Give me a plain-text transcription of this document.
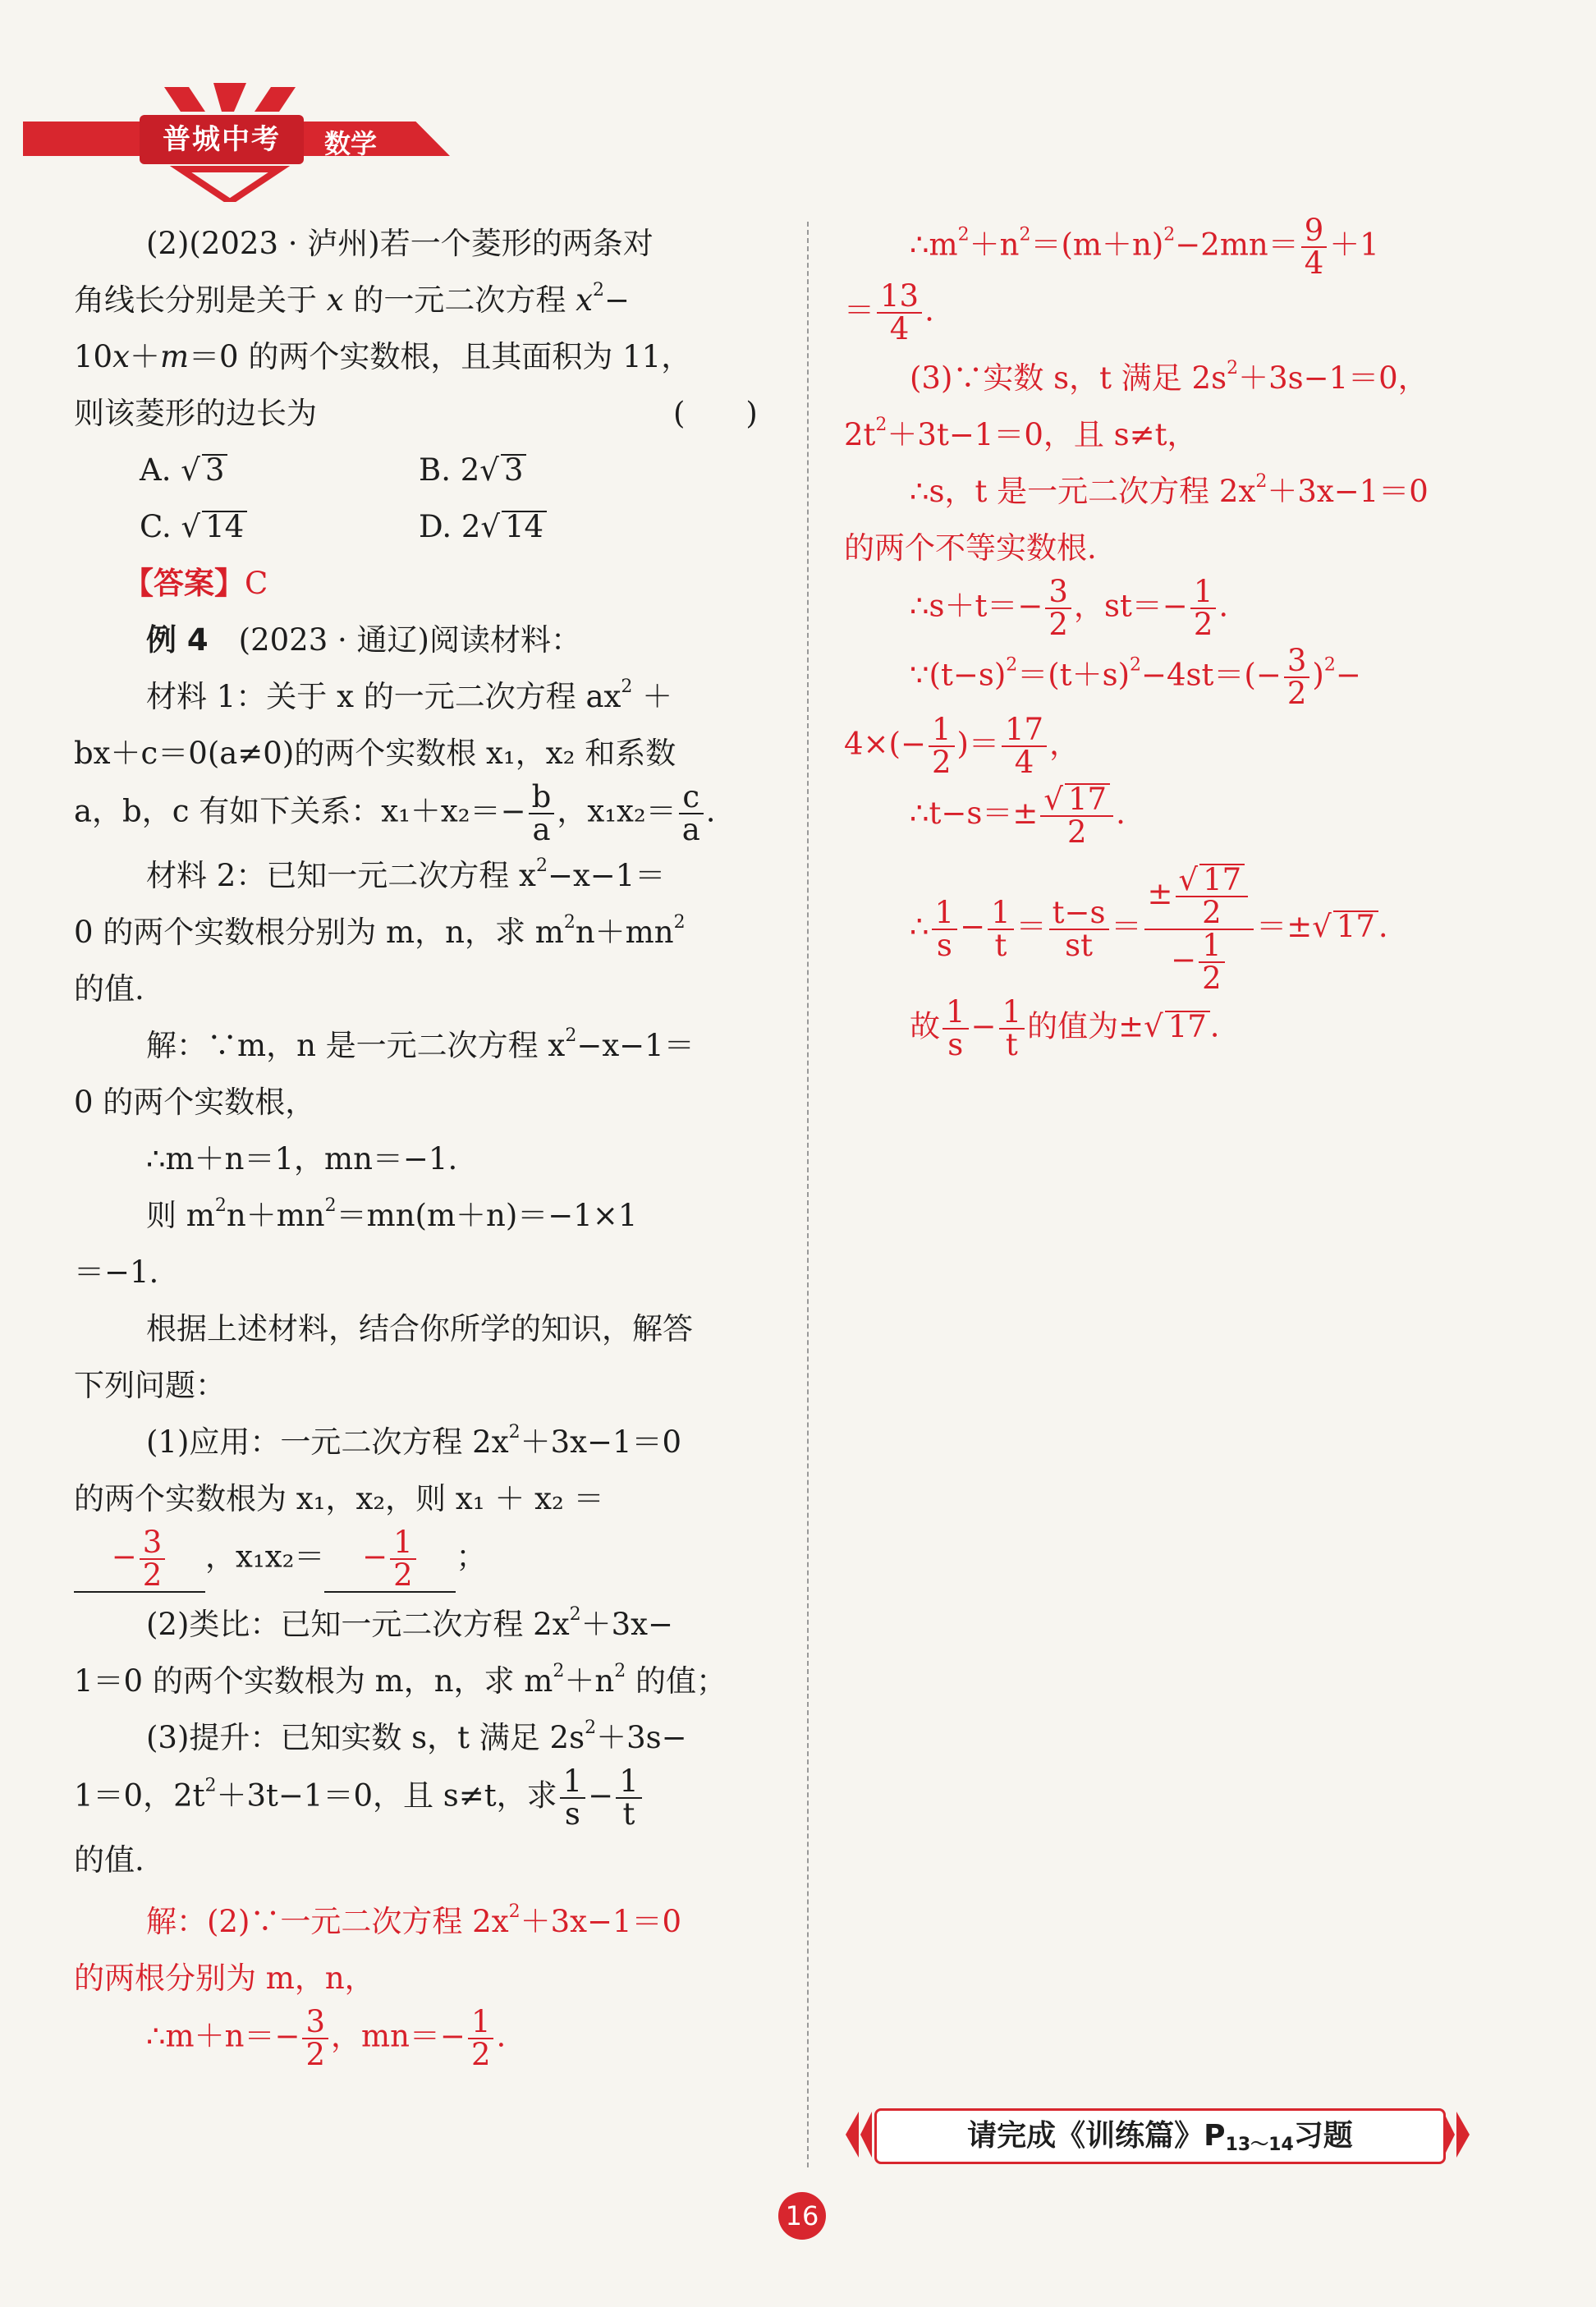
普城中考	数学
(2)(2023 · 泸州)若一个菱形的两条对
角线长分别是关于 x 的一元二次方程 $x^2-$
10x＋m＝0 的两个实数根，且其面积为 11，
则该菱形的边长为	(　　)
A. √ 3	B. 2√ 3
C. √ 14	D. 2√ 14
【答案】C
例 4　 (2023 · 通辽)阅读材料：
材料 1：关于 x 的一元二次方程 $ax^2$ ＋
bx＋c＝0(a≠0)的两个实数根 x₁，x₂ 和系数
a，b，c 有如下关系：$x_1+x_2=- \frac{b}{a}$ ，$x_1x_2= \frac{c}{a}$ .
材料 2：已知一元二次方程 $x^2-x-1=$
0 的两个实数根分别为 m，n，求 $m^2n+mn^2$
的值.
解：∵m，n 是一元二次方程 $x^2-x-1=$
0 的两个实数根，
∴m＋n＝1，mn＝−1.
则 $m^2n+mn^2=mn(m+n)=-1\times 1$
＝−1.
根据上述材料，结合你所学的知识，解答
下列问题：
(1)应用：一元二次方程 $2x^2+3x-1=0$
的两个实数根为 x₁，x₂，则 x₁ ＋ x₂ ＝
− $\frac{3}{2}$ ，$x_1x_2= - \frac{1}{2}$ ；
(2)类比：已知一元二次方程 $2x^2+3x-$
1＝0 的两个实数根为 m，n，求 $m^2+n^2$ 的值；
(3)提升：已知实数 s，t 满足 $2s^2+3s-$
1＝0，$2t^2+3t-1=0$，且 s≠t，求 $\frac{1}{s} - \frac{1}{t}$
的值.
解：(2)∵一元二次方程 $2x^2+3x-1=0$
的两根分别为 m，n，
∴m＋n＝− $\frac{3}{2}$ ，$mn=- \frac{1}{2}$ .
$\therefore m^2+n^2=(m+n)^2-2mn= \frac{9}{4} +1$
＝ $\frac{13}{4}$ .
(3)∵实数 s，t 满足 $2s^2+3s-1=0$，
$2t^2+3t-1=0$，且 s≠t，
∴s，t 是一元二次方程 $2x^2+3x-1=0$
的两个不等实数根.
∴s＋t＝− $\frac{3}{2}$ ，$st=- \frac{1}{2}$ .
$\because(t-s)^2=(t+s)^2-4st=(- \frac{3}{2} )^2-$
$4\times(- \frac{1}{2}$ )＝ $\frac{17}{4}$ ，
∴t−s＝± $\frac{√ 17}{2}$ .
∴ $\frac{1}{s} - \frac{1}{t} = \frac{t-s}{st} = \frac{\pm \frac{√ 17}{2}}{- \frac{1}{2}}$ ＝±√ 17 .
故 $\frac{1}{s} - \frac{1}{t}$ 的值为±√ 17 .
请完成《训练篇》$P_{13\sim 14}$习题
16
